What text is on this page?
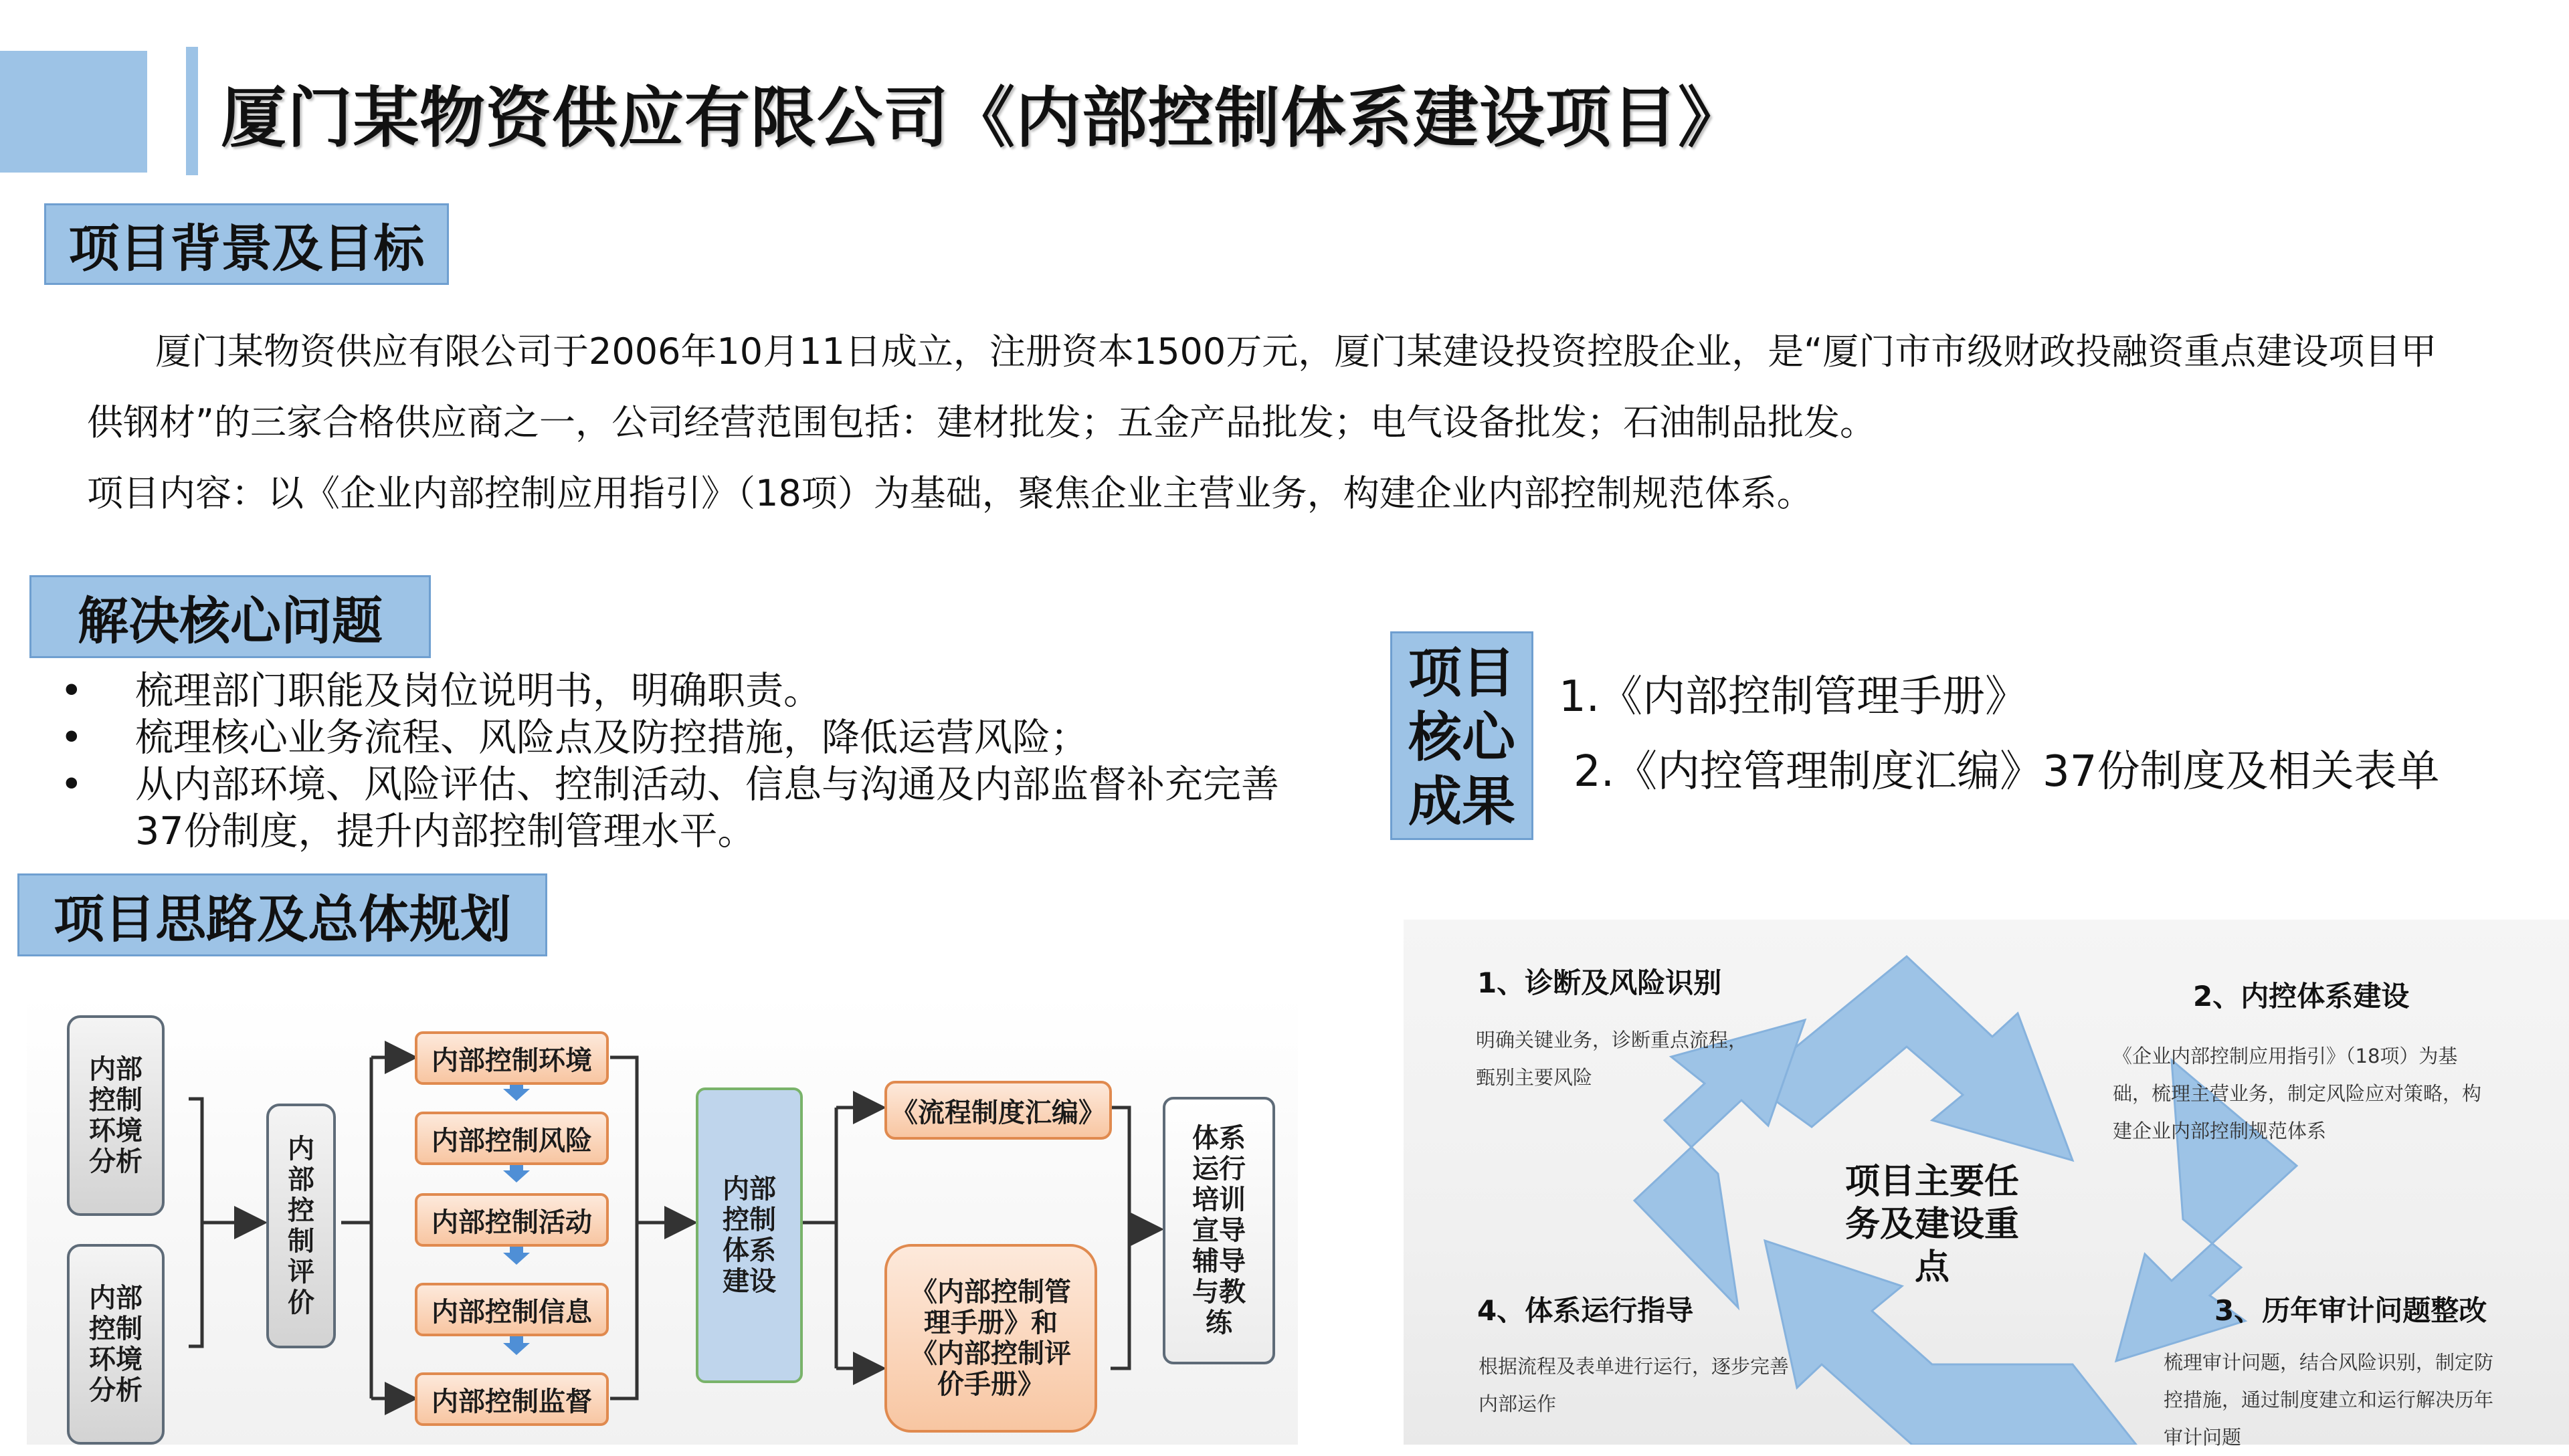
厦门某物资供应有限公司《内部控制体系建设项目》
项目背景及目标
厦门某物资供应有限公司于2006年10月11日成立，注册资本1500万元，厦门某建设投资控股企业，是“厦门市市级财政投融资重点建设项目甲
供钢材”的三家合格供应商之一，公司经营范围包括：建材批发；五金产品批发；电气设备批发；石油制品批发。
项目内容：以《企业内部控制应用指引》（18项）为基础，聚焦企业主营业务，构建企业内部控制规范体系。
解决核心问题
•	梳理部门职能及岗位说明书，明确职责。
•	梳理核心业务流程、风险点及防控措施，降低运营风险；
•	从内部环境、风险评估、控制活动、信息与沟通及内部监督补充完善37份制度，提升内部控制管理水平。
项目核心成果
1.《内部控制管理手册》
2.《内控管理制度汇编》37份制度及相关表单
项目思路及总体规划
内部控制环境分析
内部控制环境分析
内部控制评价
内部控制环境
内部控制风险
内部控制活动
内部控制信息
内部控制监督
内部控制体系建设
《流程制度汇编》
《内部控制管理手册》和《内部控制评价手册》
体系运行培训宣导辅导与教练
项目主要任务及建设重点
1、诊断及风险识别
明确关键业务，诊断重点流程，甄别主要风险
2、内控体系建设
《企业内部控制应用指引》（18项）为基础，梳理主营业务，制定风险应对策略，构建企业内部控制规范体系
3、历年审计问题整改
梳理审计问题，结合风险识别，制定防控措施，通过制度建立和运行解决历年审计问题
4、体系运行指导
根据流程及表单进行运行，逐步完善内部运作
